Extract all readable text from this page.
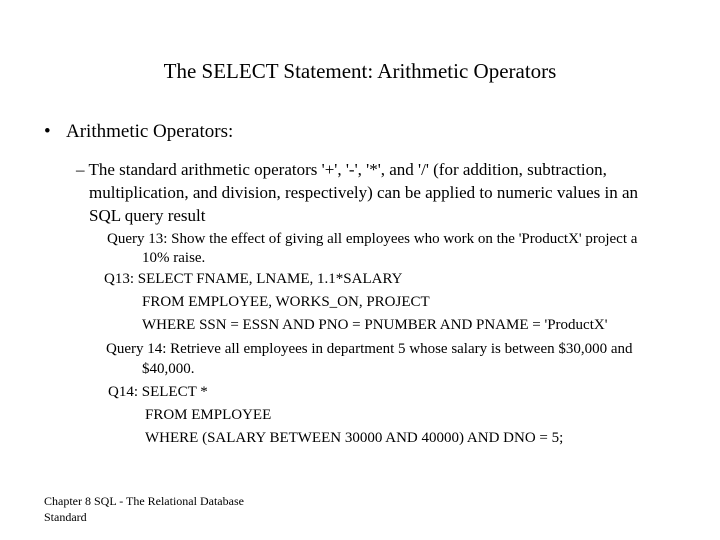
The SELECT Statement: Arithmetic Operators
• Arithmetic Operators:
– The standard arithmetic operators '+', '-', '*', and '/' (for addition, subtraction,
multiplication, and division, respectively) can be applied to numeric values in an
SQL query result
Query 13: Show the effect of giving all employees who work on the 'ProductX' project a
10% raise.
Q13: SELECT FNAME, LNAME, 1.1*SALARY
FROM EMPLOYEE, WORKS_ON, PROJECT
WHERE SSN = ESSN AND PNO = PNUMBER AND PNAME = 'ProductX'
Query 14: Retrieve all employees in department 5 whose salary is between $30,000 and
$40,000.
Q14: SELECT *
FROM EMPLOYEE
WHERE (SALARY BETWEEN 30000 AND 40000) AND DNO = 5;
Chapter 8 SQL - The Relational Database
Standard
